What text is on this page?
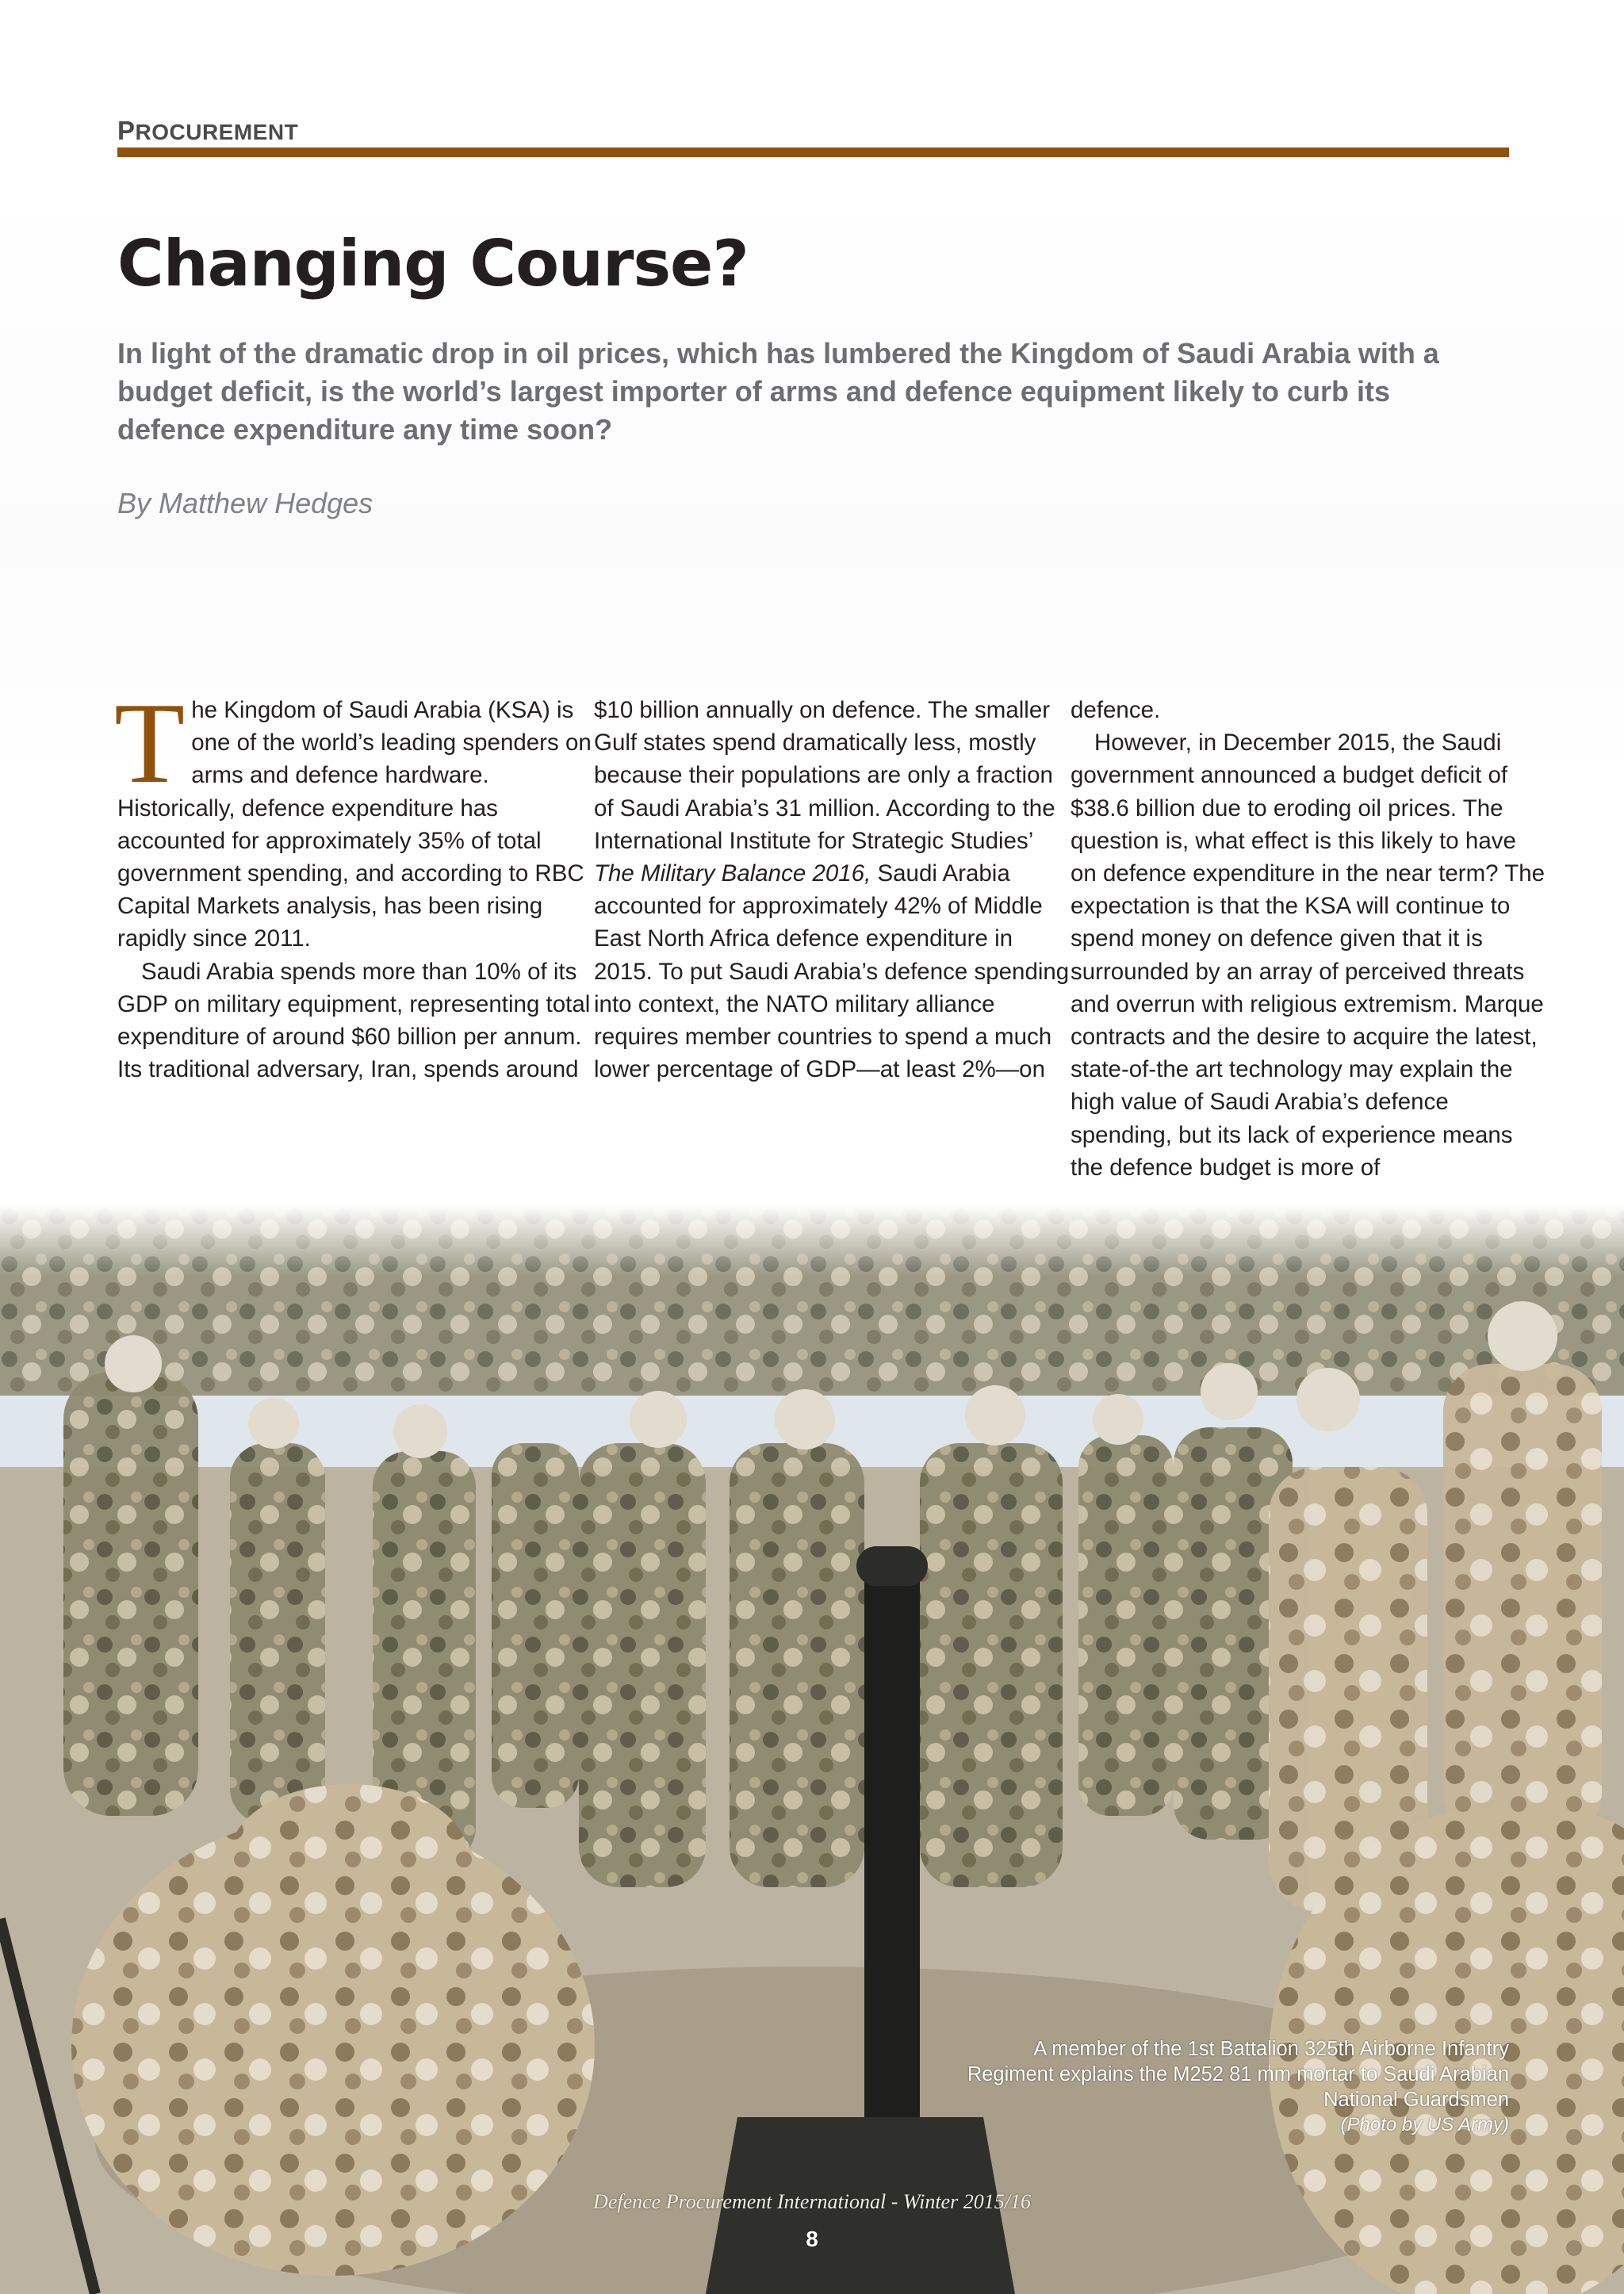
PROCUREMENT
Changing Course?

In light of the dramatic drop in oil prices, which has lumbered the Kingdom of Saudi Arabia with a budget deficit, is the world’s largest importer of arms and defence equipment likely to curb its defence expenditure any time soon?

By Matthew Hedges

The Kingdom of Saudi Arabia (KSA) is one of the world’s leading spenders on arms and defence hardware. Historically, defence expenditure has accounted for approximately 35% of total government spending, and according to RBC Capital Markets analysis, has been rising rapidly since 2011.

Saudi Arabia spends more than 10% of its GDP on military equipment, representing total expenditure of around $60 billion per annum. Its traditional adversary, Iran, spends around

$10 billion annually on defence. The smaller Gulf states spend dramatically less, mostly because their populations are only a fraction of Saudi Arabia’s 31 million. According to the International Institute for Strategic Studies’ The Military Balance 2016, Saudi Arabia accounted for approximately 42% of Middle East North Africa defence expenditure in 2015. To put Saudi Arabia’s defence spending into context, the NATO military alliance requires member countries to spend a much lower percentage of GDP—at least 2%—on

defence.

However, in December 2015, the Saudi government announced a budget deficit of $38.6 billion due to eroding oil prices. The question is, what effect is this likely to have on defence expenditure in the near term? The expectation is that the KSA will continue to spend money on defence given that it is surrounded by an array of perceived threats and overrun with religious extremism. Marque contracts and the desire to acquire the latest, state-of-the art technology may explain the high value of Saudi Arabia’s defence spending, but its lack of experience means the defence budget is more of

A member of the 1st Battalion 325th Airborne Infantry Regiment explains the M252 81 mm mortar to Saudi Arabian National Guardsmen
(Photo by US Army)

Defence Procurement International - Winter 2015/16
8
